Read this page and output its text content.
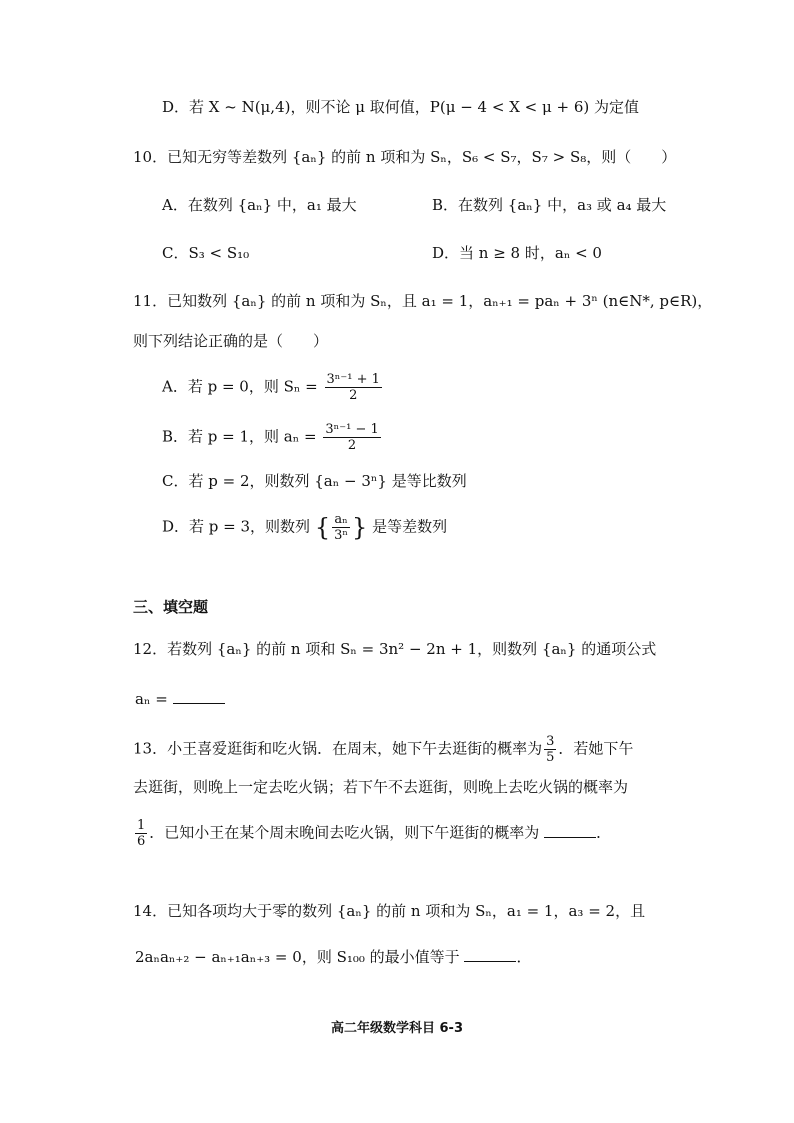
D．若 X ~ N(μ,4)，则不论 μ 取何值，P(μ − 4 < X < μ + 6) 为定值
10．已知无穷等差数列 {aₙ} 的前 n 项和为 Sₙ，S₆ < S₇，S₇ > S₈，则（　　）
A．在数列 {aₙ} 中，a₁ 最大	B．在数列 {aₙ} 中，a₃ 或 a₄ 最大
C．S₃ < S₁₀	D．当 n ≥ 8 时，aₙ < 0
11．已知数列 {aₙ} 的前 n 项和为 Sₙ，且 a₁ = 1，aₙ₊₁ = paₙ + 3ⁿ (n∈N*, p∈R)，
则下列结论正确的是（　　）
A．若 p = 0，则 $S_n = \frac{\text{3ⁿ⁻¹ + 1}}{2}$
B．若 p = 1，则 $a_n = \frac{\text{3ⁿ⁻¹ − 1}}{2}$
C．若 p = 2，则数列 {aₙ − 3ⁿ} 是等比数列
D．若 p = 3，则数列 { $\frac{\text{aₙ}}{\text{3ⁿ}}$ } 是等差数列
三、填空题
12．若数列 {aₙ} 的前 n 项和 Sₙ = 3n² − 2n + 1，则数列 {aₙ} 的通项公式
aₙ =
13．小王喜爱逛街和吃火锅．在周末，她下午去逛街的概率为 $\frac{3}{5}$ ．若她下午
去逛街，则晚上一定去吃火锅；若下午不去逛街，则晚上去吃火锅的概率为
$\frac{1}{6}$ ．已知小王在某个周末晚间去吃火锅，则下午逛街的概率为	．
14．已知各项均大于零的数列 {aₙ} 的前 n 项和为 Sₙ，a₁ = 1，a₃ = 2，且
2aₙaₙ₊₂ − aₙ₊₁aₙ₊₃ = 0，则 S₁₀₀ 的最小值等于	．
高二年级数学科目 6-3
